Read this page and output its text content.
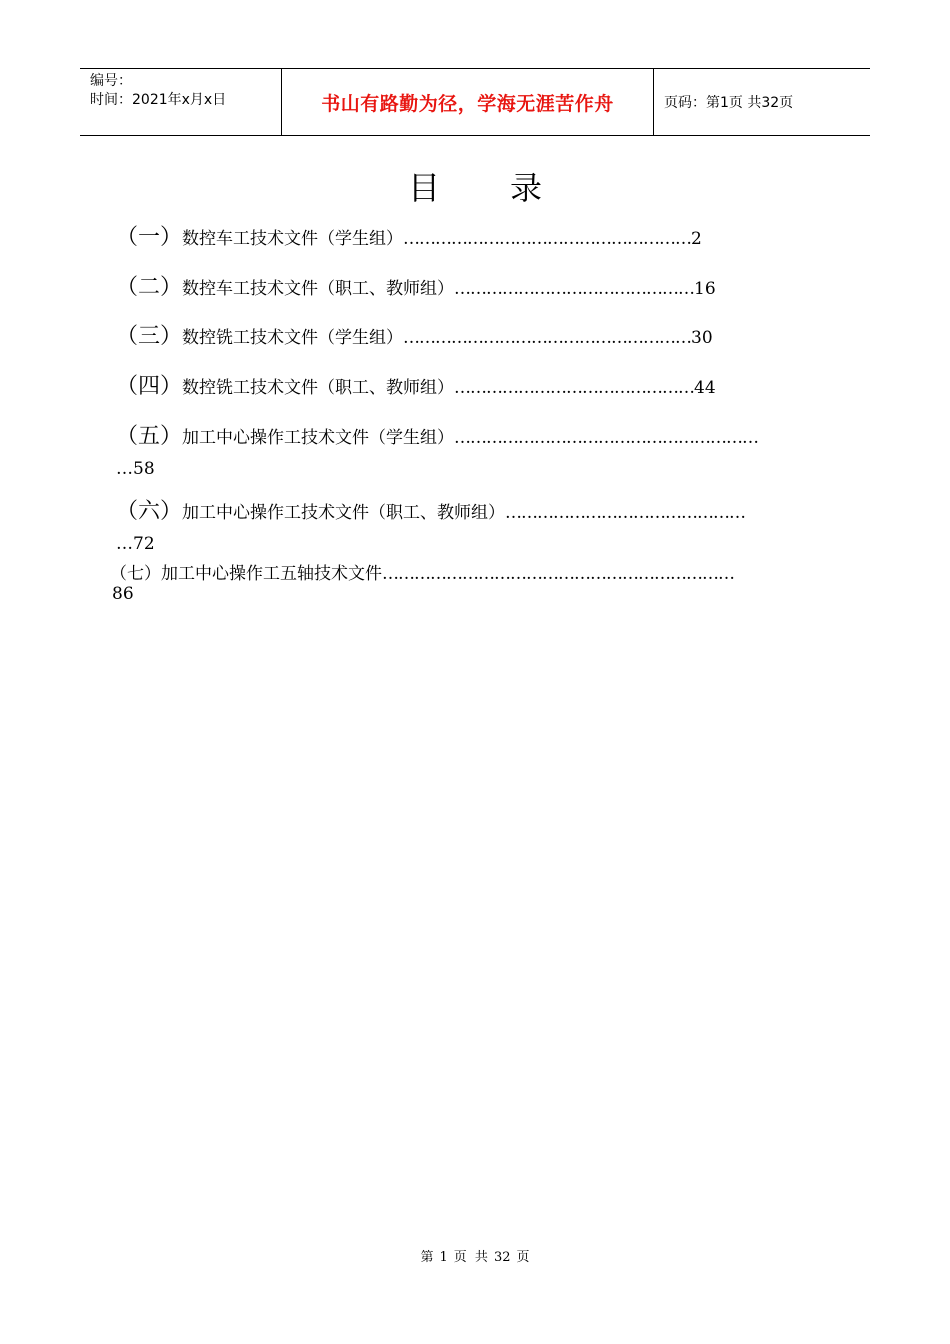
编号：
时间：2021年x月x日	书山有路勤为径，学海无涯苦作舟	页码：第1页 共32页
目 录
（一）数控车工技术文件（学生组）………………………………………………2
（二）数控车工技术文件（职工、教师组）………………………………………16
（三）数控铣工技术文件（学生组）………………………………………………30
（四）数控铣工技术文件（职工、教师组）………………………………………44
（五）加工中心操作工技术文件（学生组）…………………………………………………
…58
（六）加工中心操作工技术文件（职工、教师组）………………………………………
…72
（七）加工中心操作工五轴技术文件…………………………………………………………
86
第 1 页 共 32 页
